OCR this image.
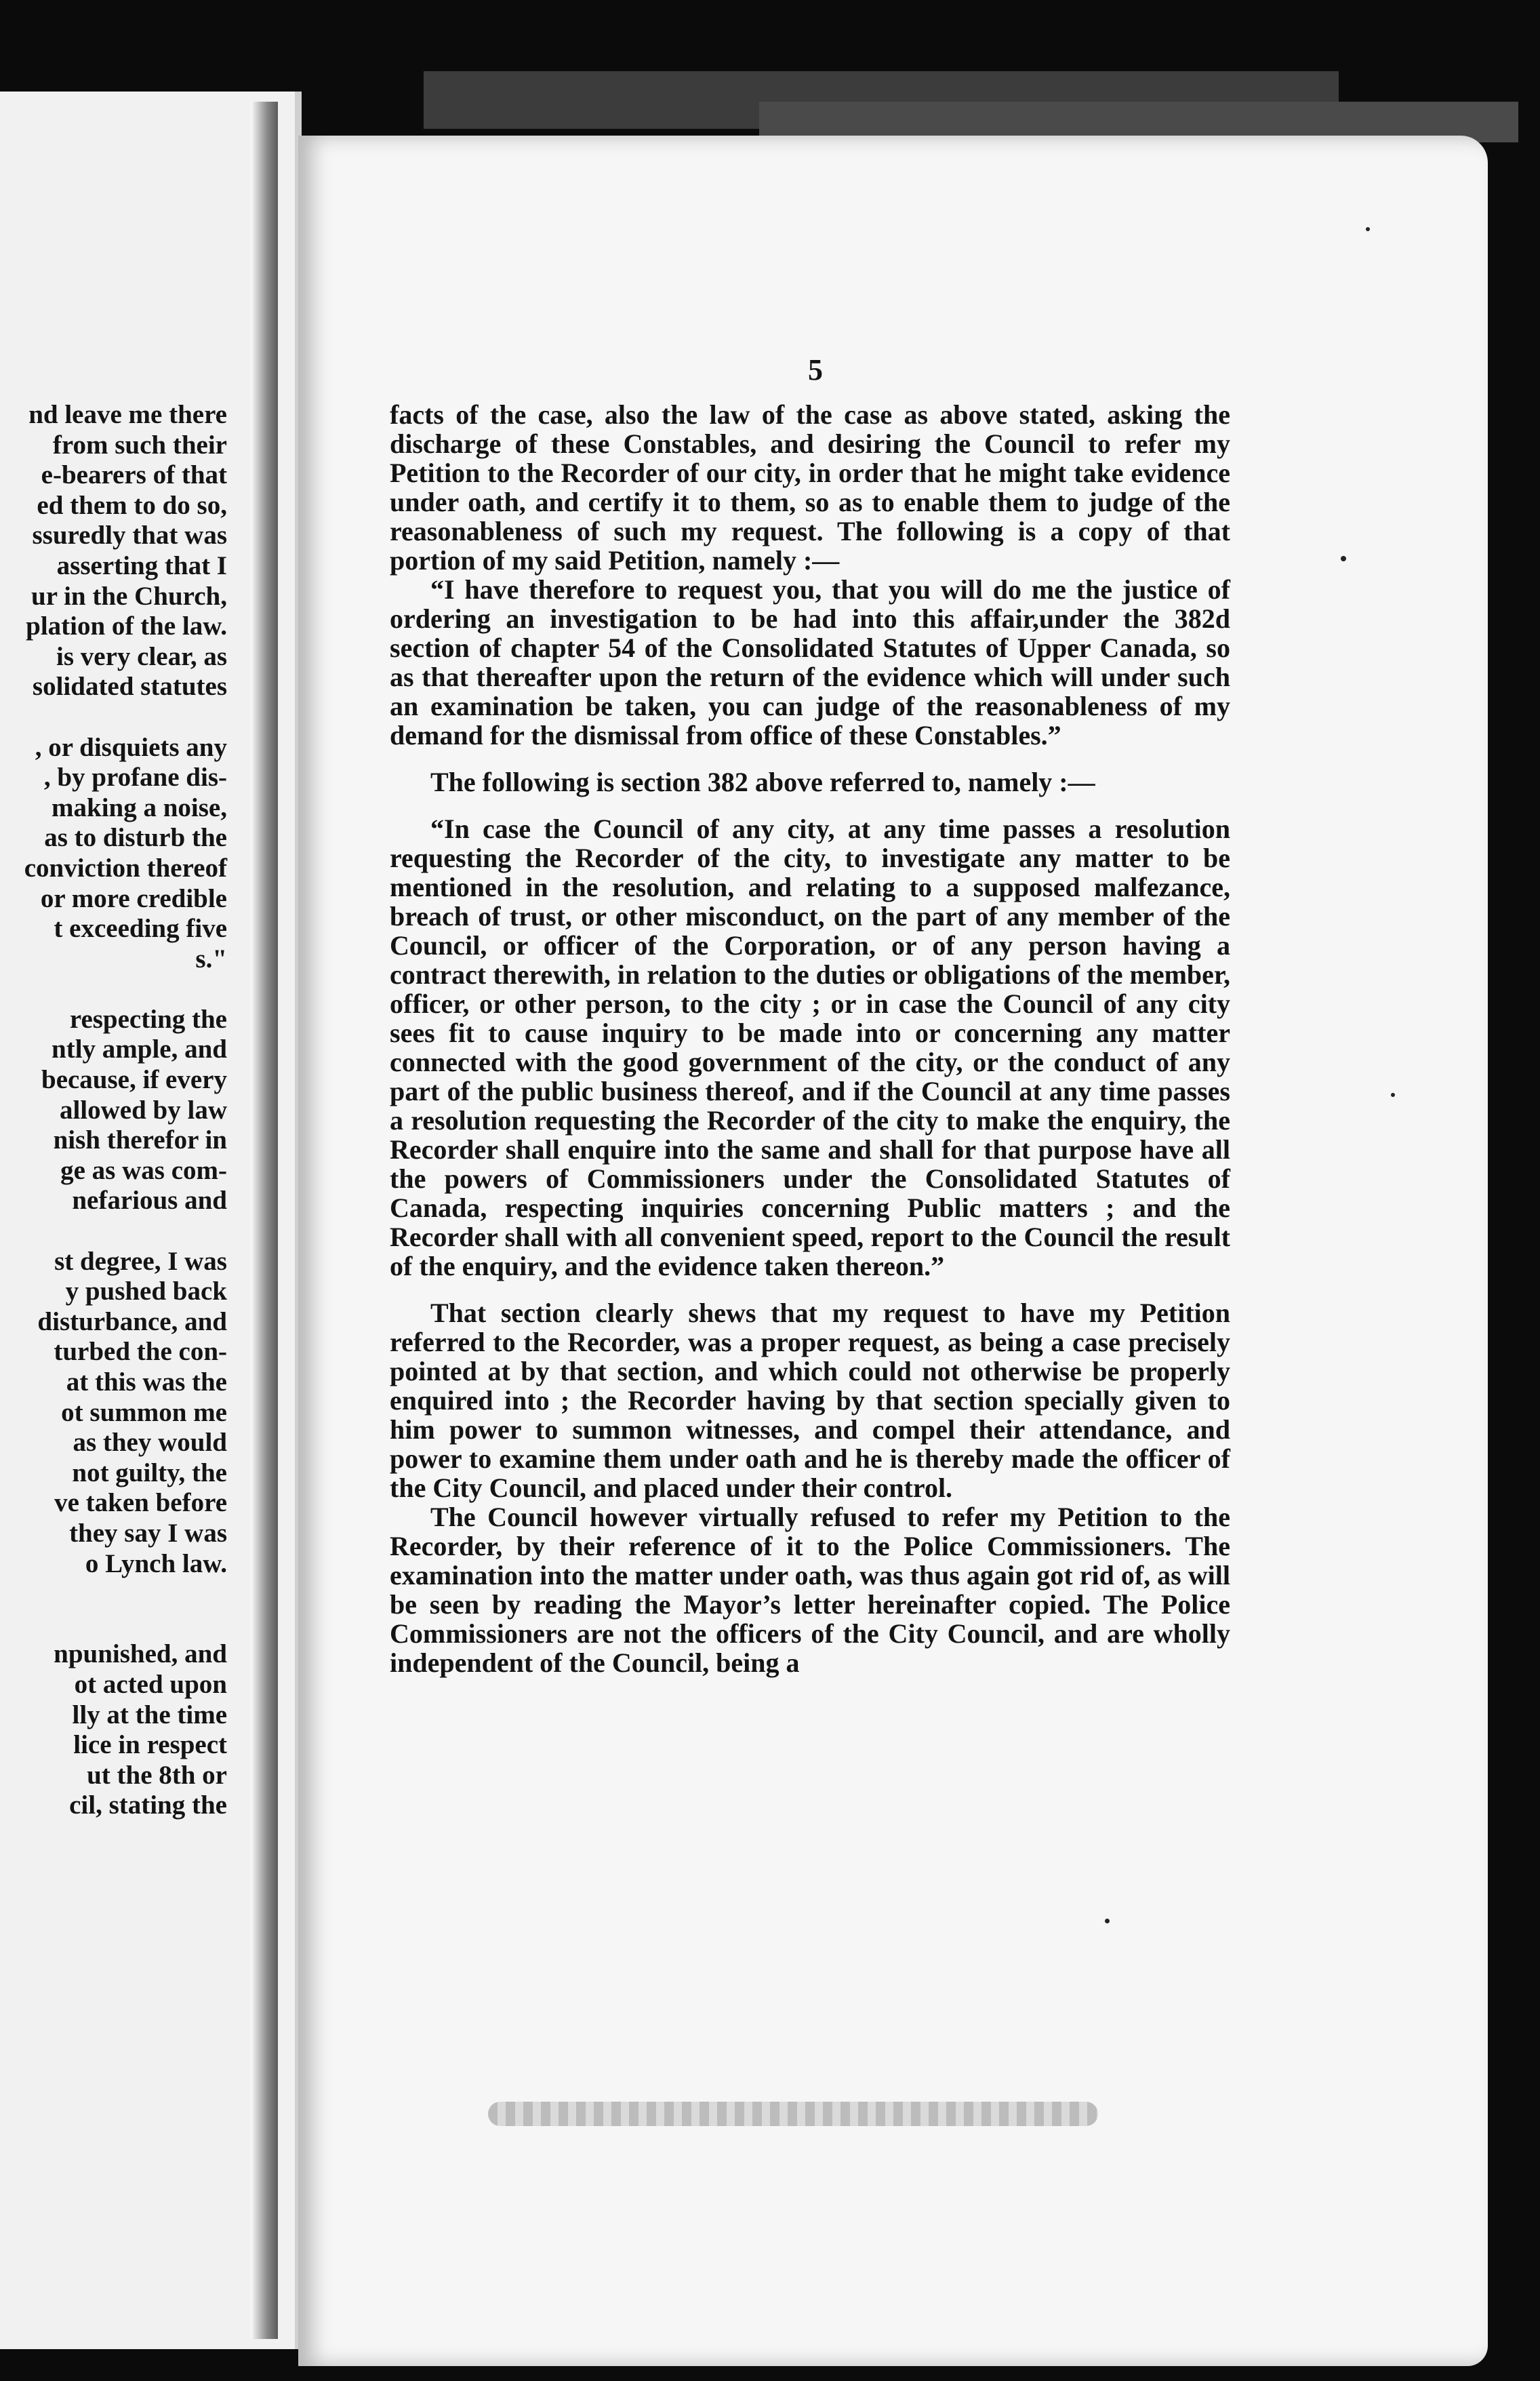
nd leave me there
from such their
e-bearers of that
ed them to do so,
ssuredly that was
asserting that I
ur in the Church,
plation of the law.
is very clear, as
solidated statutes
, or disquiets any
, by profane dis-
making a noise,
as to disturb the
conviction thereof
or more credible
t exceeding five
s."
respecting the
ntly ample, and
because, if every
allowed by law
nish therefor in
ge as was com-
nefarious and
st degree, I was
y pushed back
disturbance, and
turbed the con-
at this was the
ot summon me
as they would
not guilty, the
ve taken before
they say I was
o Lynch law.
npunished, and
ot acted upon
lly at the time
lice in respect
ut the 8th or
cil, stating the
5

facts of the case, also the law of the case as above stated, asking the discharge of these Constables, and desiring the Council to refer my Petition to the Recorder of our city, in order that he might take evidence under oath, and certify it to them, so as to enable them to judge of the reasonableness of such my request. The following is a copy of that portion of my said Petition, namely :—

“I have therefore to request you, that you will do me the justice of ordering an investigation to be had into this affair,under the 382d section of chapter 54 of the Consolidated Statutes of Upper Canada, so as that thereafter upon the return of the evidence which will under such an examination be taken, you can judge of the reasonableness of my demand for the dismissal from office of these Constables.”

The following is section 382 above referred to, namely :—

“In case the Council of any city, at any time passes a resolution requesting the Recorder of the city, to investigate any matter to be mentioned in the resolution, and relating to a supposed malfezance, breach of trust, or other misconduct, on the part of any member of the Council, or officer of the Corporation, or of any person having a contract therewith, in relation to the duties or obligations of the member, officer, or other person, to the city ; or in case the Council of any city sees fit to cause inquiry to be made into or concerning any matter connected with the good government of the city, or the conduct of any part of the public business thereof, and if the Council at any time passes a resolution requesting the Recorder of the city to make the enquiry, the Recorder shall enquire into the same and shall for that purpose have all the powers of Commissioners under the Consolidated Statutes of Canada, respecting inquiries concerning Public matters ; and the Recorder shall with all convenient speed, report to the Council the result of the enquiry, and the evidence taken thereon.”

That section clearly shews that my request to have my Petition referred to the Recorder, was a proper request, as being a case precisely pointed at by that section, and which could not otherwise be properly enquired into ; the Recorder having by that section specially given to him power to summon witnesses, and compel their attendance, and power to examine them under oath and he is thereby made the officer of the City Council, and placed under their control.

The Council however virtually refused to refer my Petition to the Recorder, by their reference of it to the Police Commissioners. The examination into the matter under oath, was thus again got rid of, as will be seen by reading the Mayor’s letter hereinafter copied. The Police Commissioners are not the officers of the City Council, and are wholly independent of the Council, being a
